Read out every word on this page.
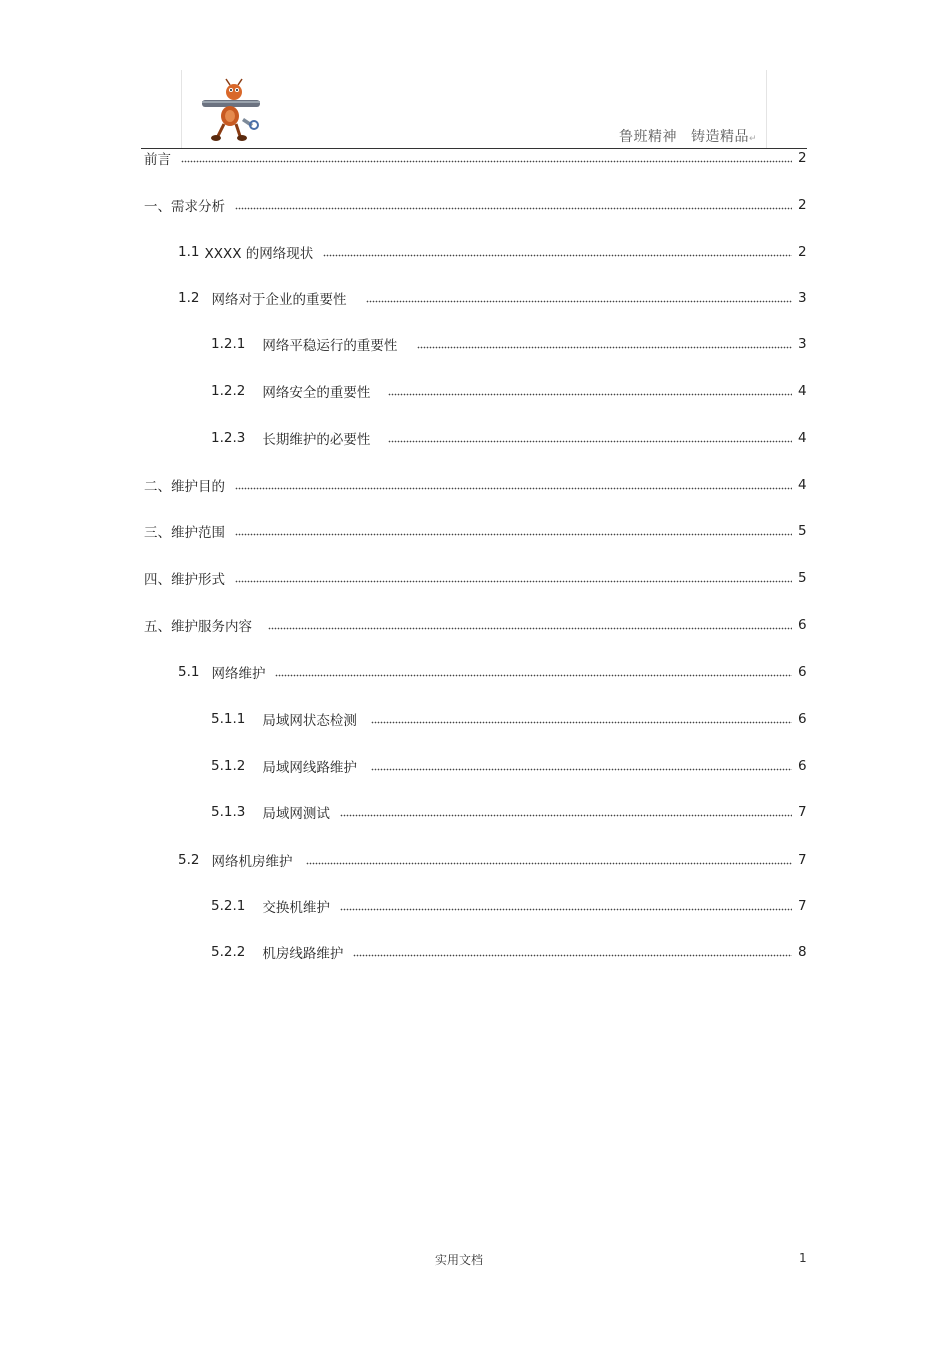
鲁班精神 铸造精品↵
前言	2
一、需求分析	2
1.1 XXXX 的网络现状	2
1.2 网络对于企业的重要性	3
1.2.1 网络平稳运行的重要性	3
1.2.2 网络安全的重要性	4
1.2.3 长期维护的必要性	4
二、维护目的	4
三、维护范围	5
四、维护形式	5
五、维护服务内容	6
5.1 网络维护	6
5.1.1 局域网状态检测	6
5.1.2 局域网线路维护	6
5.1.3 局域网测试	7
5.2 网络机房维护	7
5.2.1 交换机维护	7
5.2.2 机房线路维护	8
实用文档	1
